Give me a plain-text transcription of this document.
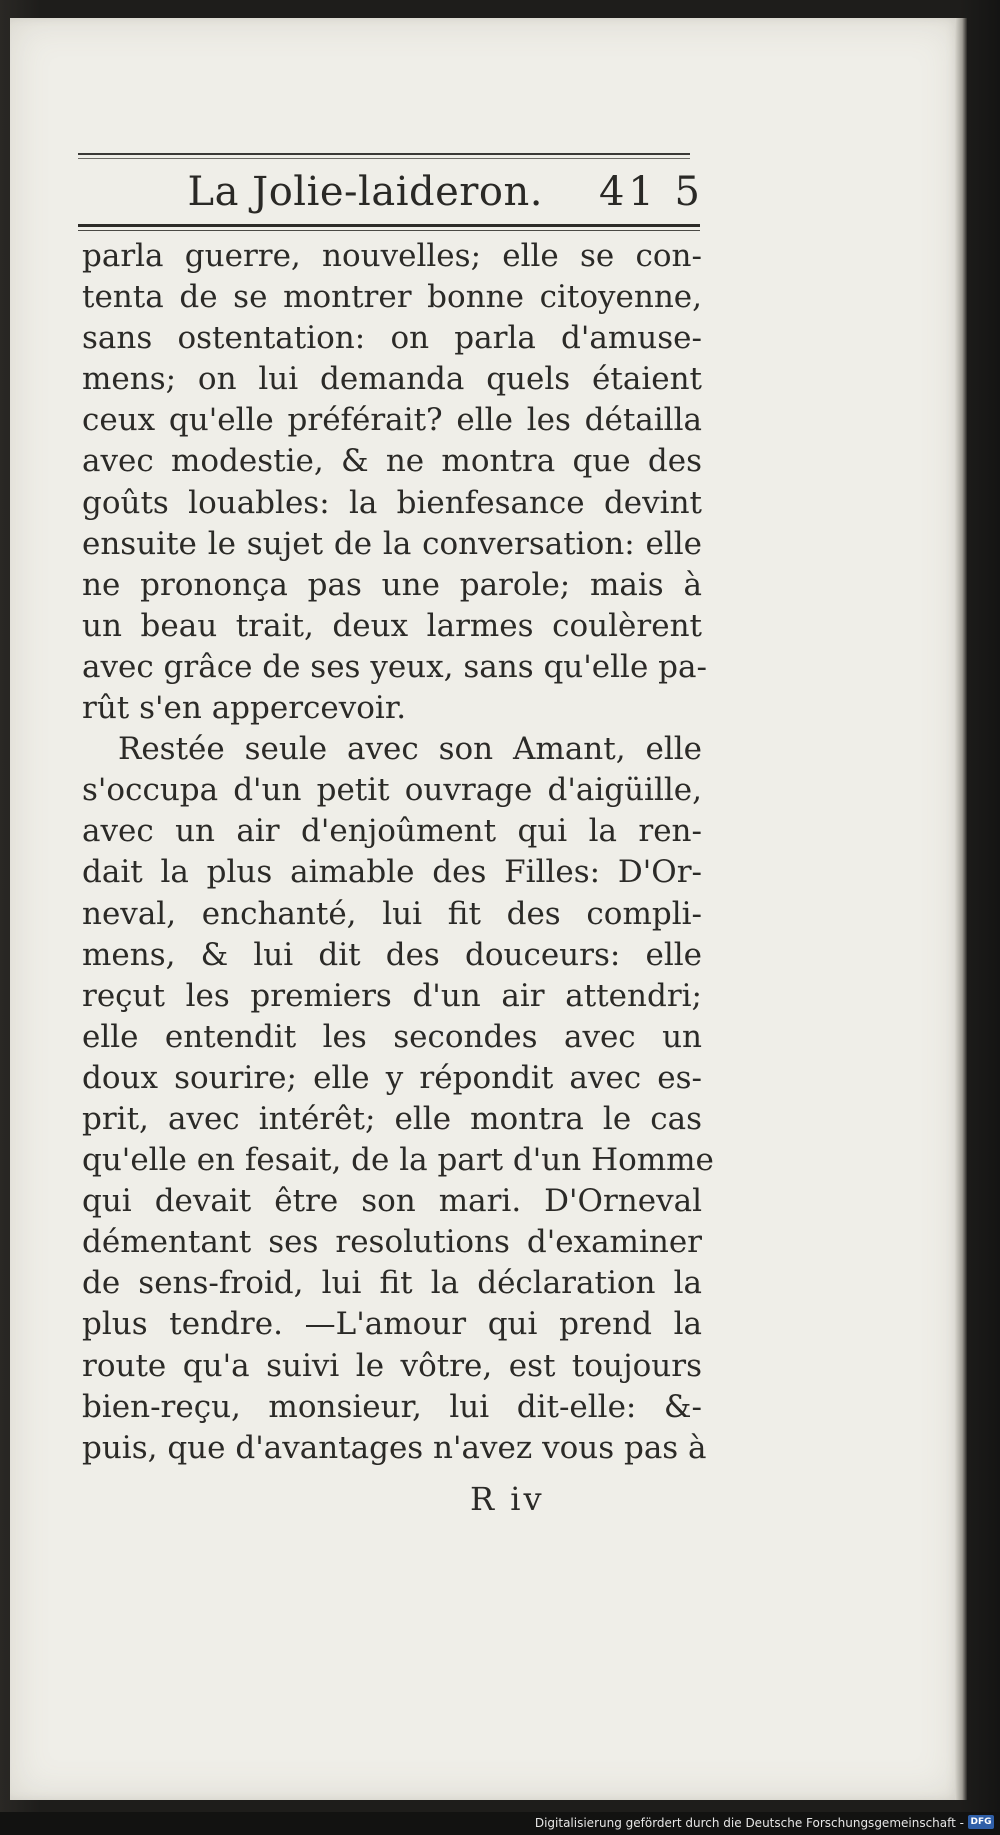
La Jolie-laideron. 41 5
parla guerre, nouvelles; elle se con-
tenta de se montrer bonne citoyenne,
sans ostentation: on parla d'amuse-
mens; on lui demanda quels étaient
ceux qu'elle préférait? elle les détailla
avec modestie, & ne montra que des
goûts louables: la bienfesance devint
ensuite le sujet de la conversation: elle
ne prononça pas une parole; mais à
un beau trait, deux larmes coulèrent
avec grâce de ses yeux, sans qu'elle pa-
rût s'en appercevoir.
Restée seule avec son Amant, elle
s'occupa d'un petit ouvrage d'aigüille,
avec un air d'enjoûment qui la ren-
dait la plus aimable des Filles: D'Or-
neval, enchanté, lui fit des compli-
mens, & lui dit des douceurs: elle
reçut les premiers d'un air attendri;
elle entendit les secondes avec un
doux sourire; elle y répondit avec es-
prit, avec intérêt; elle montra le cas
qu'elle en fesait, de la part d'un Homme
qui devait être son mari. D'Orneval
démentant ses resolutions d'examiner
de sens-froid, lui fit la déclaration la
plus tendre. —L'amour qui prend la
route qu'a suivi le vôtre, est toujours
bien-reçu, monsieur, lui dit-elle: &-
puis, que d'avantages n'avez vous pas à
R iv
Digitalisierung gefördert durch die Deutsche Forschungsgemeinschaft - DFG
